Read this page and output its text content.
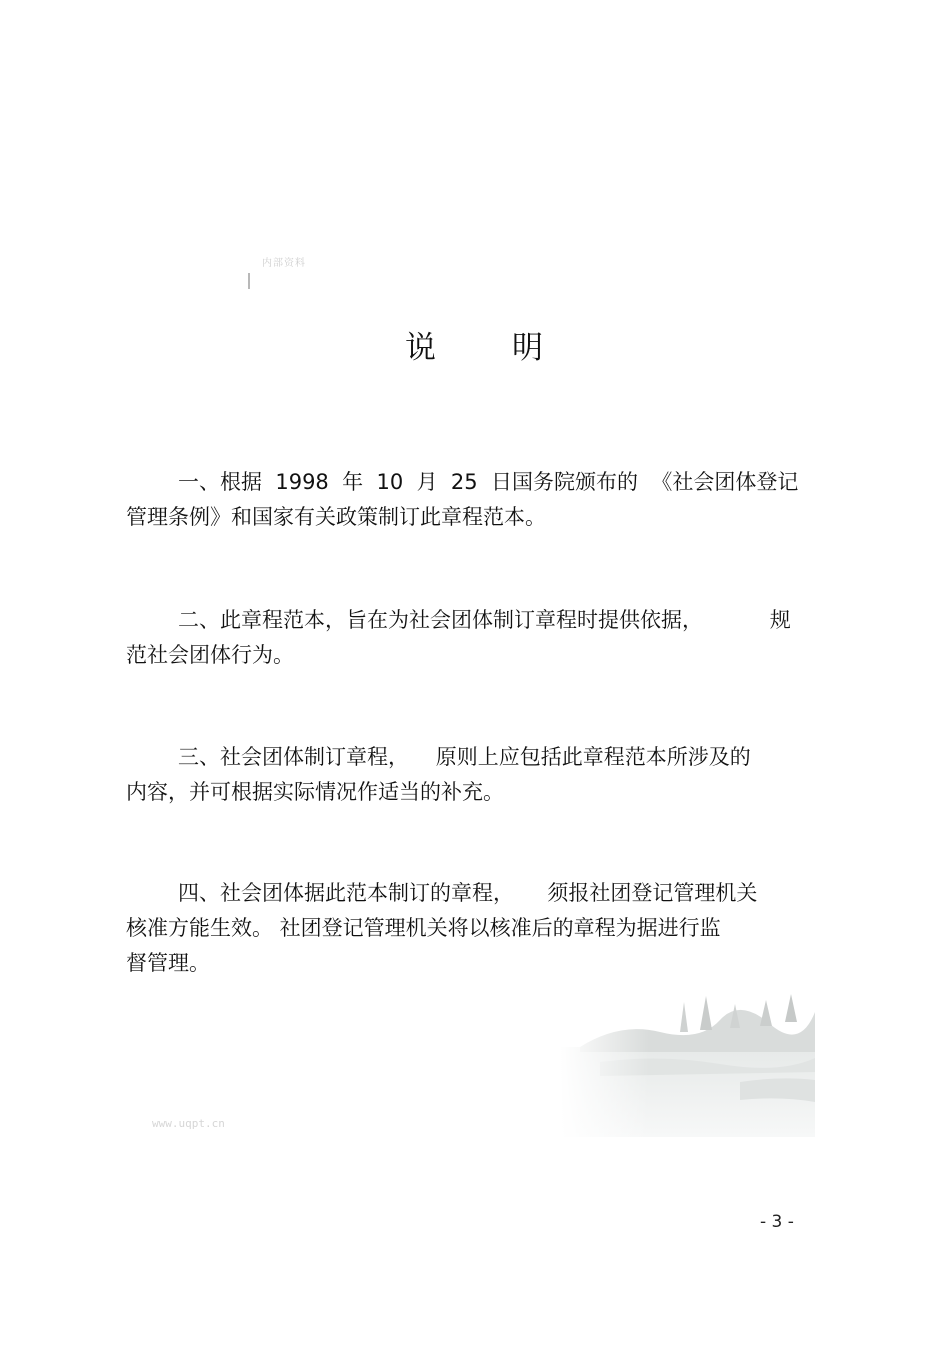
内部资料
说 明

一、根据  1998  年  10  月  25  日国务院颁布的  《社会团体登记
管理条例》和国家有关政策制订此章程范本。

二、此章程范本，旨在为社会团体制订章程时提供依据，          规
范社会团体行为。

三、社会团体制订章程，    原则上应包括此章程范本所涉及的
内容，并可根据实际情况作适当的补充。

四、社会团体据此范本制订的章程，     须报社团登记管理机关
核准方能生效。 社团登记管理机关将以核准后的章程为据进行监
督管理。

www.uqpt.cn
- 3 -
